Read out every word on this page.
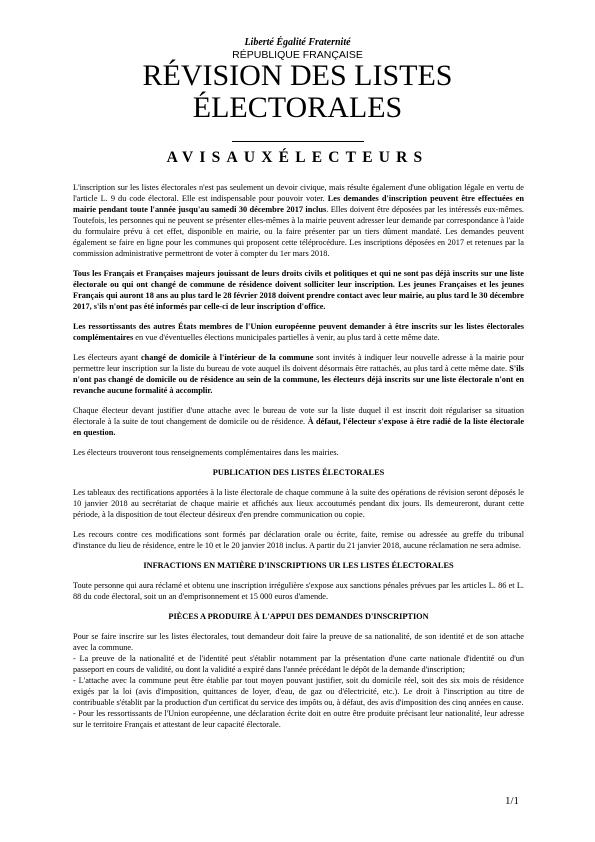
Liberté Égalité Fraternité
RÉPUBLIQUE FRANÇAISE
RÉVISION DES LISTES
ÉLECTORALES
AVISAUXÉLECTEURS

L'inscription sur les listes électorales n'est pas seulement un devoir civique, mais résulte également d'une obligation légale en vertu de l'article L. 9 du code électoral. Elle est indispensable pour pouvoir voter. Les demandes d'inscription peuvent être effectuées en mairie pendant toute l'année jusqu'au samedi 30 décembre 2017 inclus. Elles doivent être déposées par les intéressés eux-mêmes. Toutefois, les personnes qui ne peuvent se présenter elles-mêmes à la mairie peuvent adresser leur demande par correspondance à l'aide du formulaire prévu à cet effet, disponible en mairie, ou la faire présenter par un tiers dûment mandaté. Les demandes peuvent également se faire en ligne pour les communes qui proposent cette téléprocédure. Les inscriptions déposées en 2017 et retenues par la commission administrative permettront de voter à compter du 1er mars 2018.

Tous les Français et Françaises majeurs jouissant de leurs droits civils et politiques et qui ne sont pas déjà inscrits sur une liste électorale ou qui ont changé de commune de résidence doivent solliciter leur inscription. Les jeunes Françaises et les jeunes Français qui auront 18 ans au plus tard le 28 février 2018 doivent prendre contact avec leur mairie, au plus tard le 30 décembre 2017, s'ils n'ont pas été informés par celle-ci de leur inscription d'office.

Les ressortissants des autres États membres de l'Union européenne peuvent demander à être inscrits sur les listes électorales complémentaires en vue d'éventuelles élections municipales partielles à venir, au plus tard à cette même date.

Les électeurs ayant changé de domicile à l'intérieur de la commune sont invités à indiquer leur nouvelle adresse à la mairie pour permettre leur inscription sur la liste du bureau de vote auquel ils doivent désormais être rattachés, au plus tard à cette même date. S'ils n'ont pas changé de domicile ou de résidence au sein de la commune, les électeurs déjà inscrits sur une liste électorale n'ont en revanche aucune formalité à accomplir.

Chaque électeur devant justifier d'une attache avec le bureau de vote sur la liste duquel il est inscrit doit régulariser sa situation électorale à la suite de tout changement de domicile ou de résidence. À défaut, l'électeur s'expose à être radié de la liste électorale en question.

Les électeurs trouveront tous renseignements complémentaires dans les mairies.

PUBLICATION DES LISTES ÉLECTORALES

Les tableaux des rectifications apportées à la liste électorale de chaque commune à la suite des opérations de révision seront déposés le 10 janvier 2018 au secrétariat de chaque mairie et affichés aux lieux accoutumés pendant dix jours. Ils demeureront, durant cette période, à la disposition de tout électeur désireux d'en prendre communication ou copie.

Les recours contre ces modifications sont formés par déclaration orale ou écrite, faite, remise ou adressée au greffe du tribunal d'instance du lieu de résidence, entre le 10 et le 20 janvier 2018 inclus. A partir du 21 janvier 2018, aucune réclamation ne sera admise.

INFRACTIONS EN MATIÈRE D'INSCRIPTIONS UR LES LISTES ÉLECTORALES

Toute personne qui aura réclamé et obtenu une inscription irrégulière s'expose aux sanctions pénales prévues par les articles L. 86 et L. 88 du code électoral, soit un an d'emprisonnement et 15 000 euros d'amende.

PIÈCES A PRODUIRE À L'APPUI DES DEMANDES D'INSCRIPTION

Pour se faire inscrire sur les listes électorales, tout demandeur doit faire la preuve de sa nationalité, de son identité et de son attache avec la commune.

- La preuve de la nationalité et de l'identité peut s'établir notamment par la présentation d'une carte nationale d'identité ou d'un passeport en cours de validité, ou dont la validité a expiré dans l'année précédant le dépôt de la demande d'inscription;

- L'attache avec la commune peut être établie par tout moyen pouvant justifier, soit du domicile réel, soit des six mois de résidence exigés par la loi (avis d'imposition, quittances de loyer, d'eau, de gaz ou d'électricité, etc.). Le droit à l'inscription au titre de contribuable s'établit par la production d'un certificat du service des impôts ou, à défaut, des avis d'imposition des cinq années en cause.

- Pour les ressortissants de l'Union européenne, une déclaration écrite doit en outre être produite précisant leur nationalité, leur adresse sur le territoire Français et attestant de leur capacité électorale.

1/1
